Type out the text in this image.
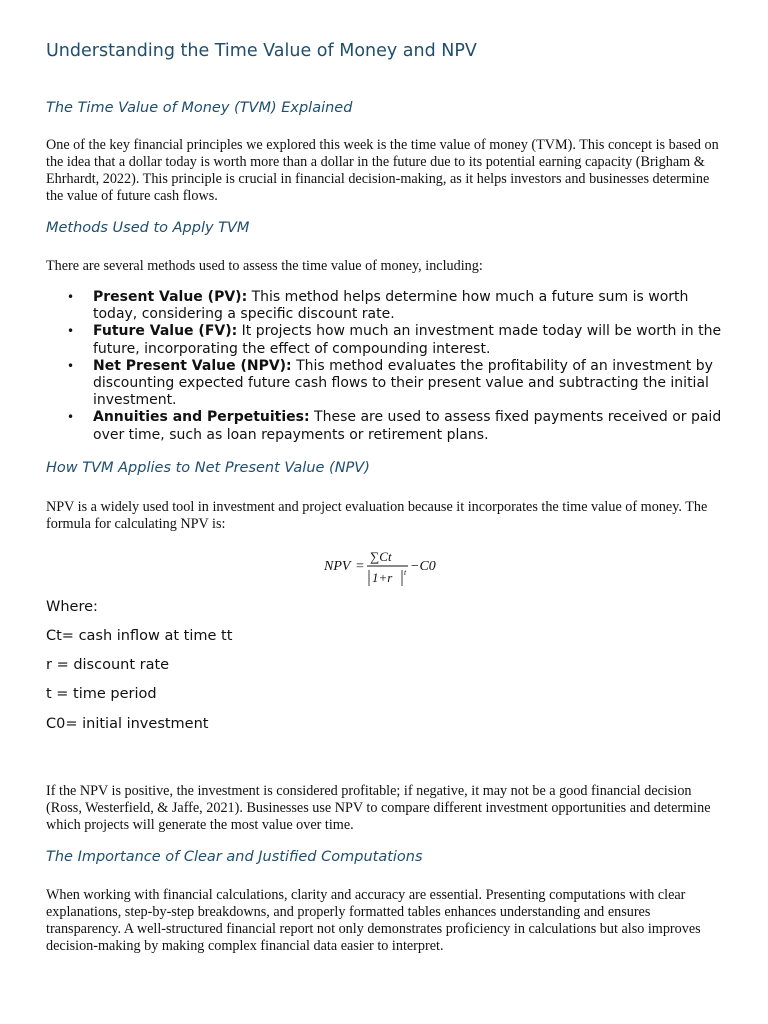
Understanding the Time Value of Money and NPV
The Time Value of Money (TVM) Explained

One of the key financial principles we explored this week is the time value of money (TVM). This concept is based on the idea that a dollar today is worth more than a dollar in the future due to its potential earning capacity (Brigham & Ehrhardt, 2022). This principle is crucial in financial decision-making, as it helps investors and businesses determine the value of future cash flows.

Methods Used to Apply TVM

There are several methods used to assess the time value of money, including:

• Present Value (PV): This method helps determine how much a future sum is worth today, considering a specific discount rate.
• Future Value (FV): It projects how much an investment made today will be worth in the future, incorporating the effect of compounding interest.
• Net Present Value (NPV): This method evaluates the profitability of an investment by discounting expected future cash flows to their present value and subtracting the initial investment.
• Annuities and Perpetuities: These are used to assess fixed payments received or paid over time, such as loan repayments or retirement plans.
How TVM Applies to Net Present Value (NPV)

NPV is a widely used tool in investment and project evaluation because it incorporates the time value of money. The formula for calculating NPV is:

NPV =
∑Ct
1+r t −C0

Where:

Ct= cash inflow at time tt

r = discount rate

t = time period

C0= initial investment

If the NPV is positive, the investment is considered profitable; if negative, it may not be a good financial decision (Ross, Westerfield, & Jaffe, 2021). Businesses use NPV to compare different investment opportunities and determine which projects will generate the most value over time.

The Importance of Clear and Justified Computations

When working with financial calculations, clarity and accuracy are essential. Presenting computations with clear explanations, step-by-step breakdowns, and properly formatted tables enhances understanding and ensures transparency. A well-structured financial report not only demonstrates proficiency in calculations but also improves decision-making by making complex financial data easier to interpret.
